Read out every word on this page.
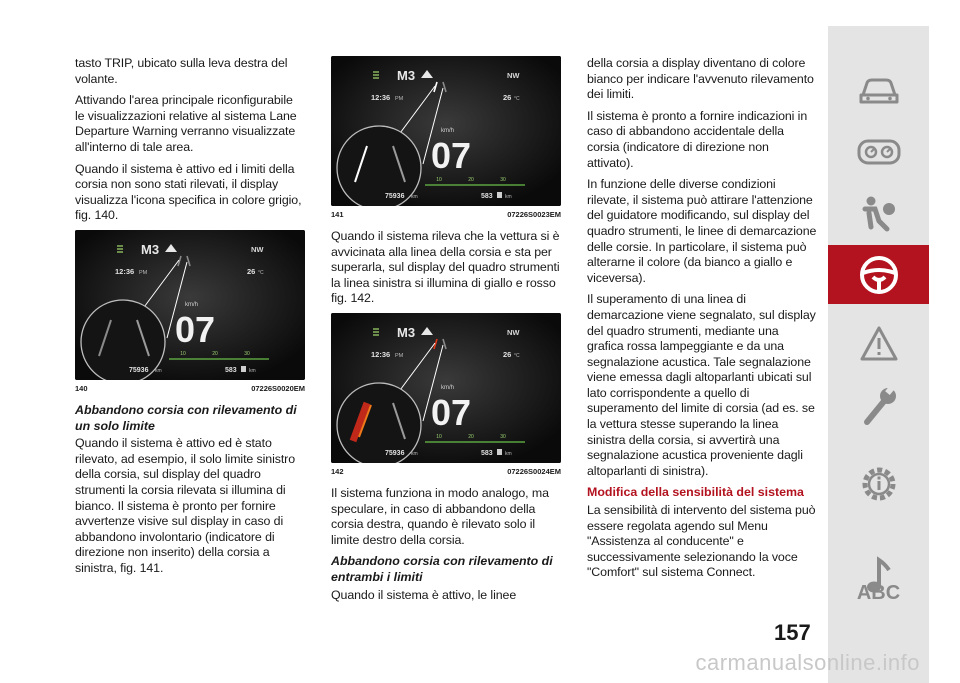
tasto TRIP, ubicato sulla leva destra del volante.

Attivando l'area principale riconfigurabile le visualizzazioni relative al sistema Lane Departure Warning verranno visualizzate all'interno di tale area.

Quando il sistema è attivo ed i limiti della corsia non sono stati rilevati, il display visualizza l'icona specifica in colore grigio, fig. 140.

M3	NW
12:36 PM	26 °C
km/h
07
10	20	30
75936 km	583 km
140	07226S0020EM
Abbandono corsia con rilevamento di un solo limite

Quando il sistema è attivo ed è stato rilevato, ad esempio, il solo limite sinistro della corsia, sul display del quadro strumenti la corsia rilevata si illumina di bianco. Il sistema è pronto per fornire avvertenze visive sul display in caso di abbandono involontario (indicatore di direzione non inserito) della corsia a sinistra, fig. 141.

M3	NW
12:36 PM	26 °C
km/h
07
10	20	30
75936 km	583 km
141	07226S0023EM

Quando il sistema rileva che la vettura si è avvicinata alla linea della corsia e sta per superarla, sul display del quadro strumenti la linea sinistra si illumina di giallo e rosso fig. 142.

M3	NW
12:36 PM	26 °C
km/h
07
10	20	30
75936 km	583 km
142	07226S0024EM

Il sistema funziona in modo analogo, ma speculare, in caso di abbandono della corsia destra, quando è rilevato solo il limite destro della corsia.

Abbandono corsia con rilevamento di entrambi i limiti

Quando il sistema è attivo, le linee

della corsia a display diventano di colore bianco per indicare l'avvenuto rilevamento dei limiti.

Il sistema è pronto a fornire indicazioni in caso di abbandono accidentale della corsia (indicatore di direzione non attivato).

In funzione delle diverse condizioni rilevate, il sistema può attirare l'attenzione del guidatore modificando, sul display del quadro strumenti, le linee di demarcazione delle corsie. In particolare, il sistema può alterarne il colore (da bianco a giallo e viceversa).

Il superamento di una linea di demarcazione viene segnalato, sul display del quadro strumenti, mediante una grafica rossa lampeggiante e da una segnalazione acustica. Tale segnalazione viene emessa dagli altoparlanti ubicati sul lato corrispondente a quello di superamento del limite di corsia (ad es. se la vettura stesse superando la linea sinistra della corsia, si avvertirà una segnalazione acustica proveniente dagli altoparlanti di sinistra).

Modifica della sensibilità del sistema

La sensibilità di intervento del sistema può essere regolata agendo sul Menu "Assistenza al conducente" e successivamente selezionando la voce "Comfort" sul sistema Connect.

157
ABC
carmanualsonline.info
